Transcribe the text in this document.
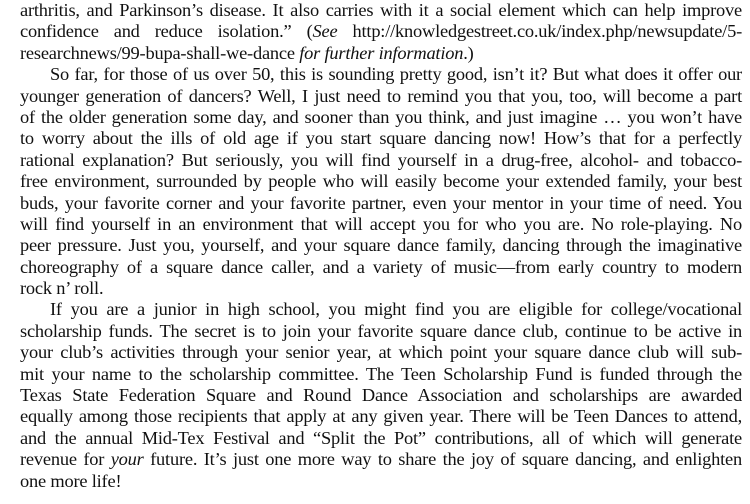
arthritis, and Parkinson’s disease. It also carries with it a social element which can help improve
confidence and reduce isolation.” (See http://knowledgestreet.co.uk/index.php/newsupdate/5-
researchnews/99-bupa-shall-we-dance for further information.)
So far, for those of us over 50, this is sounding pretty good, isn’t it? But what does it offer our
younger generation of dancers? Well, I just need to remind you that you, too, will become a part
of the older generation some day, and sooner than you think, and just imagine … you won’t have
to worry about the ills of old age if you start square dancing now! How’s that for a perfectly
rational explanation? But seriously, you will find yourself in a drug-free, alcohol- and tobacco-
free environment, surrounded by people who will easily become your extended family, your best
buds, your favorite corner and your favorite partner, even your mentor in your time of need. You
will find yourself in an environment that will accept you for who you are. No role-playing. No
peer pressure. Just you, yourself, and your square dance family, dancing through the imaginative
choreography of a square dance caller, and a variety of music—from early country to modern
rock n’ roll.
If you are a junior in high school, you might find you are eligible for college/vocational
scholarship funds. The secret is to join your favorite square dance club, continue to be active in
your club’s activities through your senior year, at which point your square dance club will sub-
mit your name to the scholarship committee. The Teen Scholarship Fund is funded through the
Texas State Federation Square and Round Dance Association and scholarships are awarded
equally among those recipients that apply at any given year. There will be Teen Dances to attend,
and the annual Mid-Tex Festival and “Split the Pot” contributions, all of which will generate
revenue for your future. It’s just one more way to share the joy of square dancing, and enlighten
one more life!
